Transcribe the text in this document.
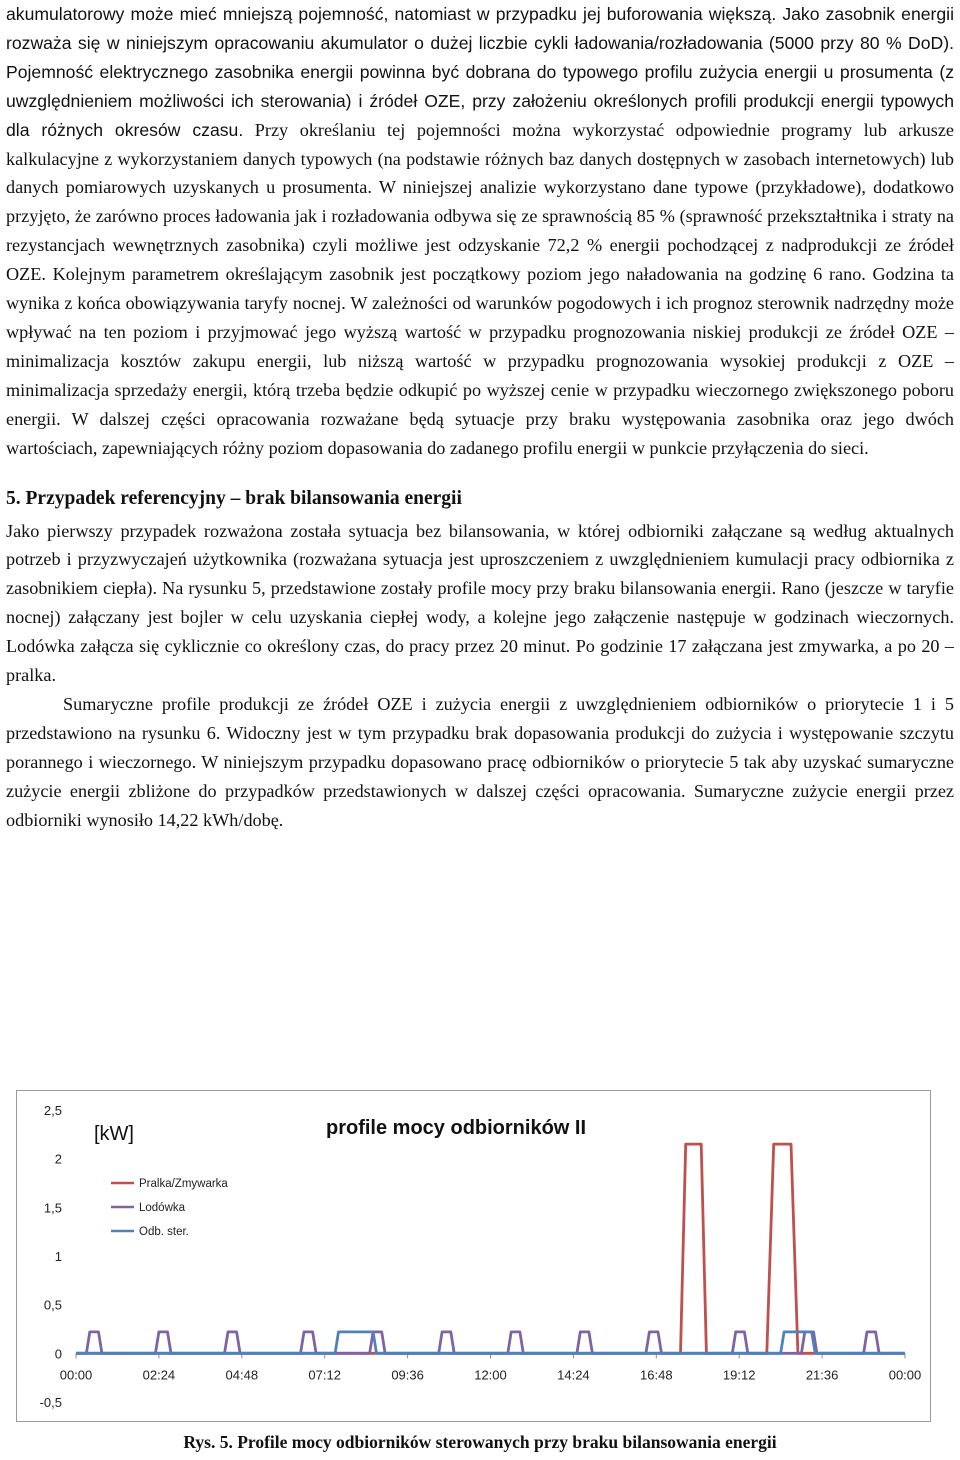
akumulatorowy może mieć mniejszą pojemność, natomiast w przypadku jej buforowania większą. Jako zasobnik energii rozważa się w niniejszym opracowaniu akumulator o dużej liczbie cykli ładowania/rozładowania (5000 przy 80 % DoD). Pojemność elektrycznego zasobnika energii powinna być dobrana do typowego profilu zużycia energii u prosumenta (z uwzględnieniem możliwości ich sterowania) i źródeł OZE, przy założeniu określonych profili produkcji energii typowych dla różnych okresów czasu. Przy określaniu tej pojemności można wykorzystać odpowiednie programy lub arkusze kalkulacyjne z wykorzystaniem danych typowych (na podstawie różnych baz danych dostępnych w zasobach internetowych) lub danych pomiarowych uzyskanych u prosumenta. W niniejszej analizie wykorzystano dane typowe (przykładowe), dodatkowo przyjęto, że zarówno proces ładowania jak i rozładowania odbywa się ze sprawnością 85 % (sprawność przekształtnika i straty na rezystancjach wewnętrznych zasobnika) czyli możliwe jest odzyskanie 72,2 % energii pochodzącej z nadprodukcji ze źródeł OZE. Kolejnym parametrem określającym zasobnik jest początkowy poziom jego naładowania na godzinę 6 rano. Godzina ta wynika z końca obowiązywania taryfy nocnej. W zależności od warunków pogodowych i ich prognoz sterownik nadrzędny może wpływać na ten poziom i przyjmować jego wyższą wartość w przypadku prognozowania niskiej produkcji ze źródeł OZE – minimalizacja kosztów zakupu energii, lub niższą wartość w przypadku prognozowania wysokiej produkcji z OZE – minimalizacja sprzedaży energii, którą trzeba będzie odkupić po wyższej cenie w przypadku wieczornego zwiększonego poboru energii. W dalszej części opracowania rozważane będą sytuacje przy braku występowania zasobnika oraz jego dwóch wartościach, zapewniających różny poziom dopasowania do zadanego profilu energii w punkcie przyłączenia do sieci.

5. Przypadek referencyjny – brak bilansowania energii

Jako pierwszy przypadek rozważona została sytuacja bez bilansowania, w której odbiorniki załączane są według aktualnych potrzeb i przyzwyczajeń użytkownika (rozważana sytuacja jest uproszczeniem z uwzględnieniem kumulacji pracy odbiornika z zasobnikiem ciepła). Na rysunku 5, przedstawione zostały profile mocy przy braku bilansowania energii. Rano (jeszcze w taryfie nocnej) załączany jest bojler w celu uzyskania ciepłej wody, a kolejne jego załączenie następuje w godzinach wieczornych. Lodówka załącza się cyklicznie co określony czas, do pracy przez 20 minut. Po godzinie 17 załączana jest zmywarka, a po 20 – pralka.

Sumaryczne profile produkcji ze źródeł OZE i zużycia energii z uwzględnieniem odbiorników o priorytecie 1 i 5 przedstawiono na rysunku 6. Widoczny jest w tym przypadku brak dopasowania produkcji do zużycia i występowanie szczytu porannego i wieczornego. W niniejszym przypadku dopasowano pracę odbiorników o priorytecie 5 tak aby uzyskać sumaryczne zużycie energii zbliżone do przypadków przedstawionych w dalszej części opracowania. Sumaryczne zużycie energii przez odbiorniki wynosiło 14,22 kWh/dobę.

2,5
2
1,5
1
0,5
0
-0,5
00:00	02:24	04:48	07:12	09:36	12:00	14:24	16:48	19:12	21:36	00:00
[kW]	profile mocy odbiorników II
Pralka/Zmywarka
Lodówka
Odb. ster.
Rys. 5. Profile mocy odbiorników sterowanych przy braku bilansowania energii
